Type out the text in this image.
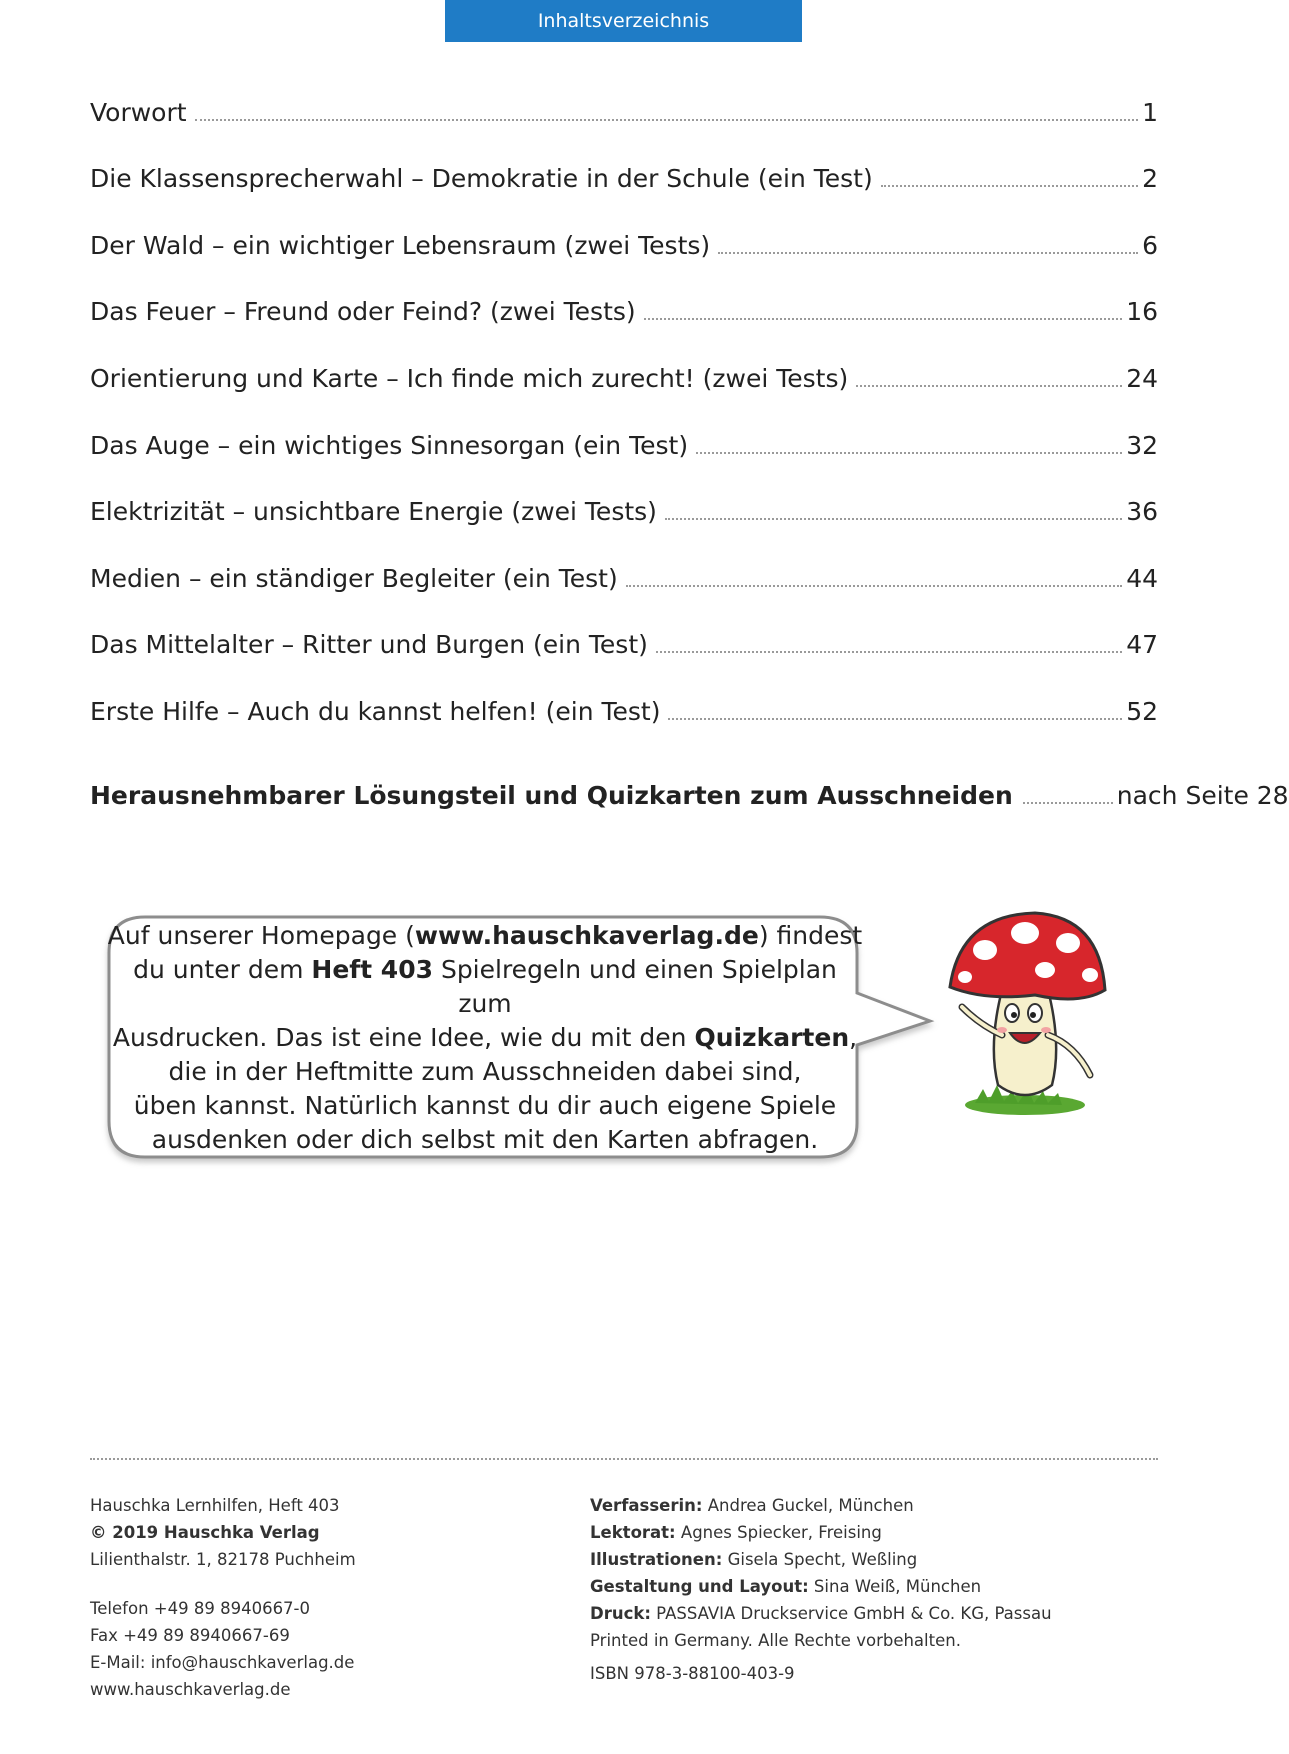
Inhaltsverzeichnis
Vorwort	1
Die Klassensprecherwahl – Demokratie in der Schule (ein Test)	2
Der Wald – ein wichtiger Lebensraum (zwei Tests)	6
Das Feuer – Freund oder Feind? (zwei Tests)	16
Orientierung und Karte – Ich finde mich zurecht! (zwei Tests)	24
Das Auge – ein wichtiges Sinnesorgan (ein Test)	32
Elektrizität – unsichtbare Energie (zwei Tests)	36
Medien – ein ständiger Begleiter (ein Test)	44
Das Mittelalter – Ritter und Burgen (ein Test)	47
Erste Hilfe – Auch du kannst helfen! (ein Test)	52
Herausnehmbarer Lösungsteil und Quizkarten zum Ausschneiden	nach Seite 28
Auf unserer Homepage (www.hauschkaverlag.de) findest
du unter dem Heft 403 Spielregeln und einen Spielplan zum
Ausdrucken. Das ist eine Idee, wie du mit den Quizkarten,
die in der Heftmitte zum Ausschneiden dabei sind,
üben kannst. Natürlich kannst du dir auch eigene Spiele
ausdenken oder dich selbst mit den Karten abfragen.
Hauschka Lernhilfen, Heft 403
© 2019 Hauschka Verlag
Lilienthalstr. 1, 82178 Puchheim
Telefon +49 89 8940667-0
Fax +49 89 8940667-69
E-Mail: info@hauschkaverlag.de
www.hauschkaverlag.de
Verfasserin: Andrea Guckel, München
Lektorat: Agnes Spiecker, Freising
Illustrationen: Gisela Specht, Weßling
Gestaltung und Layout: Sina Weiß, München
Druck: PASSAVIA Druckservice GmbH & Co. KG, Passau
Printed in Germany. Alle Rechte vorbehalten.
ISBN 978-3-88100-403-9
